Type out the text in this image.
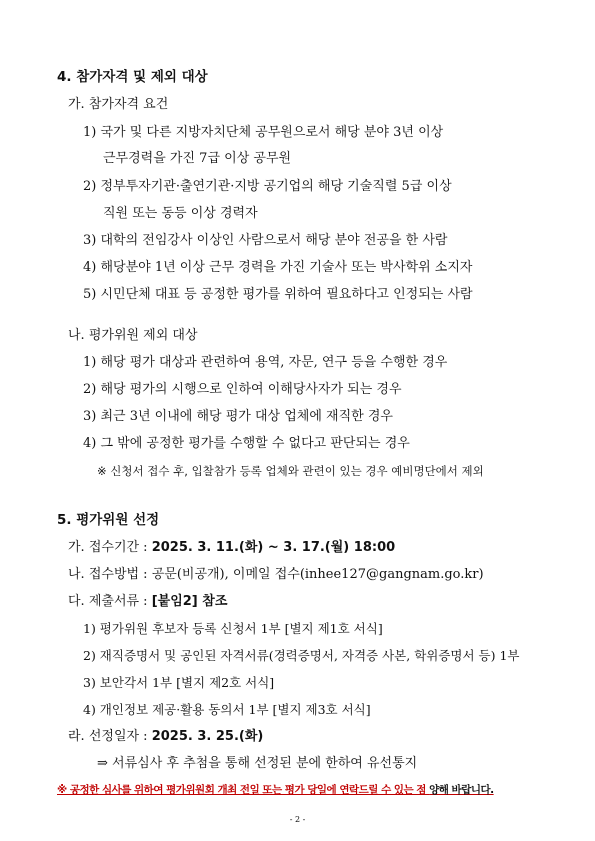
4. 참가자격 및 제외 대상
가. 참가자격 요건
1) 국가 및 다른 지방자치단체 공무원으로서 해당 분야 3년 이상
근무경력을 가진 7급 이상 공무원
2) 정부투자기관·출연기관·지방 공기업의 해당 기술직렬 5급 이상
직원 또는 동등 이상 경력자
3) 대학의 전임강사 이상인 사람으로서 해당 분야 전공을 한 사람
4) 해당분야 1년 이상 근무 경력을 가진 기술사 또는 박사학위 소지자
5) 시민단체 대표 등 공정한 평가를 위하여 필요하다고 인정되는 사람
나. 평가위원 제외 대상
1) 해당 평가 대상과 관련하여 용역, 자문, 연구 등을 수행한 경우
2) 해당 평가의 시행으로 인하여 이해당사자가 되는 경우
3) 최근 3년 이내에 해당 평가 대상 업체에 재직한 경우
4) 그 밖에 공정한 평가를 수행할 수 없다고 판단되는 경우
※ 신청서 접수 후, 입찰참가 등록 업체와 관련이 있는 경우 예비명단에서 제외
5. 평가위원 선정
가. 접수기간 : 2025. 3. 11.(화) ~ 3. 17.(월) 18:00
나. 접수방법 : 공문(비공개), 이메일 접수(inhee127@gangnam.go.kr)
다. 제출서류 : [붙임2] 참조
1) 평가위원 후보자 등록 신청서 1부 [별지 제1호 서식]
2) 재직증명서 및 공인된 자격서류(경력증명서, 자격증 사본, 학위증명서 등) 1부
3) 보안각서 1부 [별지 제2호 서식]
4) 개인정보 제공·활용 동의서 1부 [별지 제3호 서식]
라. 선정일자 : 2025. 3. 25.(화)
⇒ 서류심사 후 추첨을 통해 선정된 분에 한하여 유선통지
※ 공정한 심사를 위하여 평가위원회 개최 전일 또는 평가 당일에 연락드릴 수 있는 점 양해 바랍니다.
- 2 -
